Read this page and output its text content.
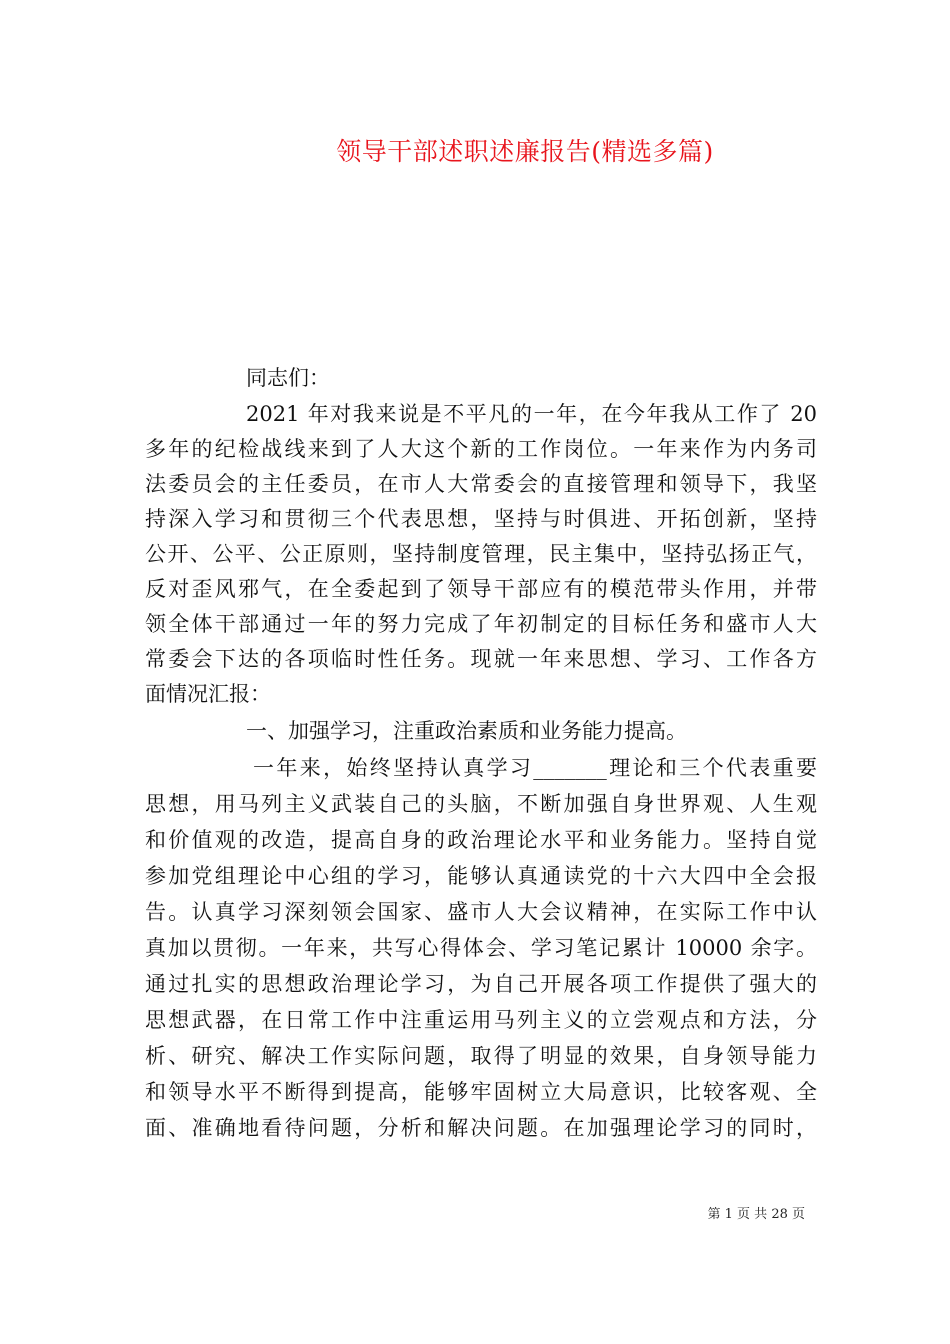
领导干部述职述廉报告(精选多篇)
同志们：
2021 年对我来说是不平凡的一年，在今年我从工作了 20
多年的纪检战线来到了人大这个新的工作岗位。一年来作为内务司
法委员会的主任委员，在市人大常委会的直接管理和领导下，我坚
持深入学习和贯彻三个代表思想，坚持与时俱进、开拓创新，坚持
公开、公平、公正原则，坚持制度管理，民主集中，坚持弘扬正气，
反对歪风邪气，在全委起到了领导干部应有的模范带头作用，并带
领全体干部通过一年的努力完成了年初制定的目标任务和盛市人大
常委会下达的各项临时性任务。现就一年来思想、学习、工作各方
面情况汇报：
一、加强学习，注重政治素质和业务能力提高。
一年来，始终坚持认真学习_______理论和三个代表重要
思想，用马列主义武装自己的头脑，不断加强自身世界观、人生观
和价值观的改造，提高自身的政治理论水平和业务能力。坚持自觉
参加党组理论中心组的学习，能够认真通读党的十六大四中全会报
告。认真学习深刻领会国家、盛市人大会议精神，在实际工作中认
真加以贯彻。一年来，共写心得体会、学习笔记累计 10000 余字。
通过扎实的思想政治理论学习，为自己开展各项工作提供了强大的
思想武器，在日常工作中注重运用马列主义的立尝观点和方法，分
析、研究、解决工作实际问题，取得了明显的效果，自身领导能力
和领导水平不断得到提高，能够牢固树立大局意识，比较客观、全
面、准确地看待问题，分析和解决问题。在加强理论学习的同时，
第 1 页 共 28 页
